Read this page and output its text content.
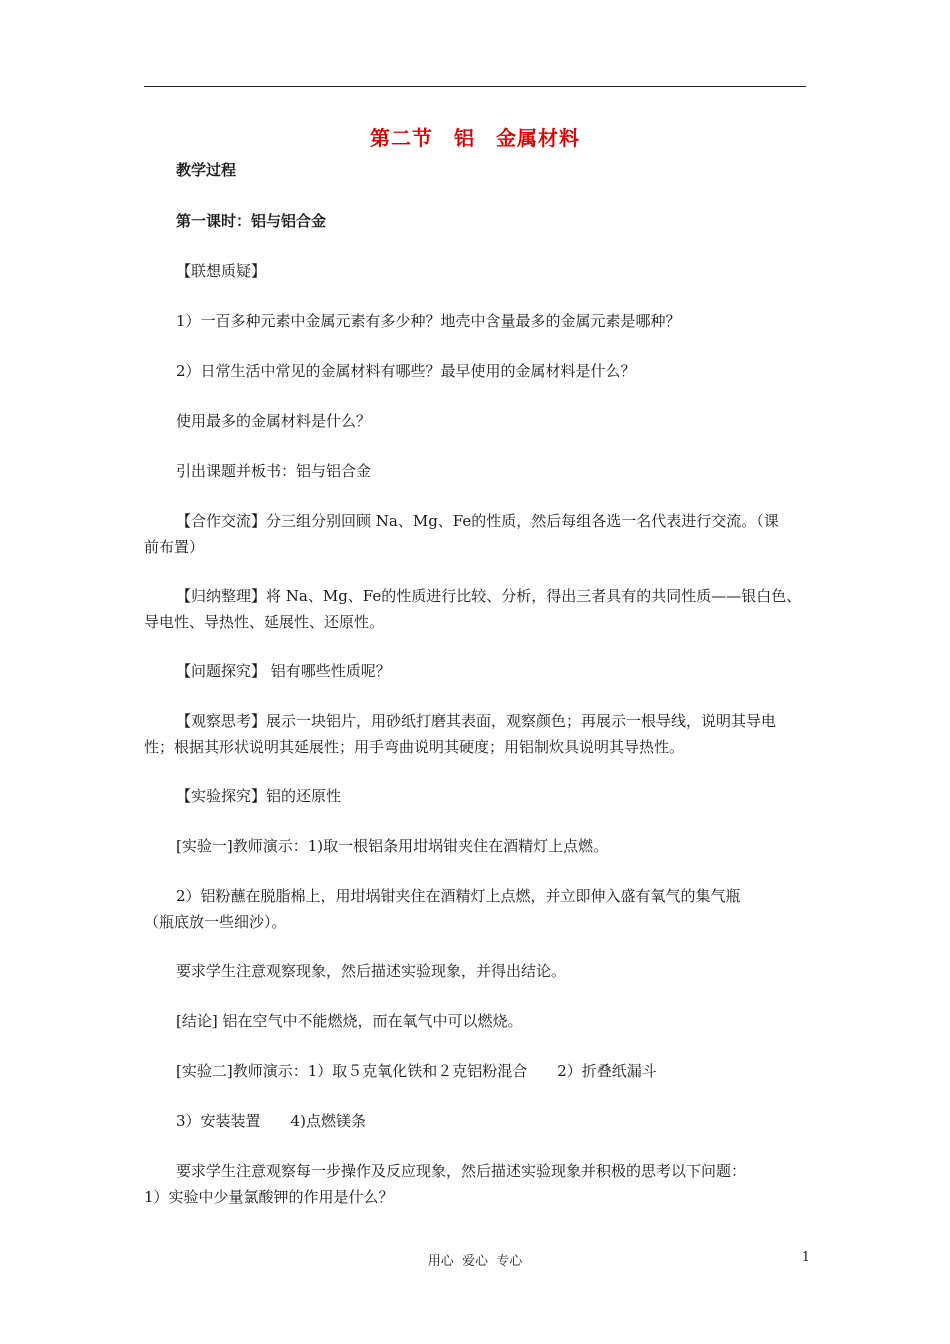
第二节　铝　金属材料
教学过程
第一课时：铝与铝合金
【联想质疑】
1）一百多种元素中金属元素有多少种？地壳中含量最多的金属元素是哪种？
2）日常生活中常见的金属材料有哪些？最早使用的金属材料是什么？
使用最多的金属材料是什么？
引出课题并板书：铝与铝合金
【合作交流】分三组分别回顾 Na、Mg、Fe的性质，然后每组各选一名代表进行交流。（课
前布置）
【归纳整理】将 Na、Mg、Fe的性质进行比较、分析，得出三者具有的共同性质——银白色、
导电性、导热性、延展性、还原性。
【问题探究】 铝有哪些性质呢？
【观察思考】展示一块铝片，用砂纸打磨其表面，观察颜色；再展示一根导线，说明其导电
性；根据其形状说明其延展性；用手弯曲说明其硬度；用铝制炊具说明其导热性。
【实验探究】铝的还原性
[实验一]教师演示：1)取一根铝条用坩埚钳夹住在酒精灯上点燃。
2）铝粉蘸在脱脂棉上，用坩埚钳夹住在酒精灯上点燃，并立即伸入盛有氧气的集气瓶
（瓶底放一些细沙）。
要求学生注意观察现象，然后描述实验现象，并得出结论。
[结论] 铝在空气中不能燃烧，而在氧气中可以燃烧。
[实验二]教师演示：1）取５克氧化铁和２克铝粉混合　　2）折叠纸漏斗
3）安装装置　　4)点燃镁条
要求学生注意观察每一步操作及反应现象，然后描述实验现象并积极的思考以下问题：
1）实验中少量氯酸钾的作用是什么？
用心  爱心  专心	1
